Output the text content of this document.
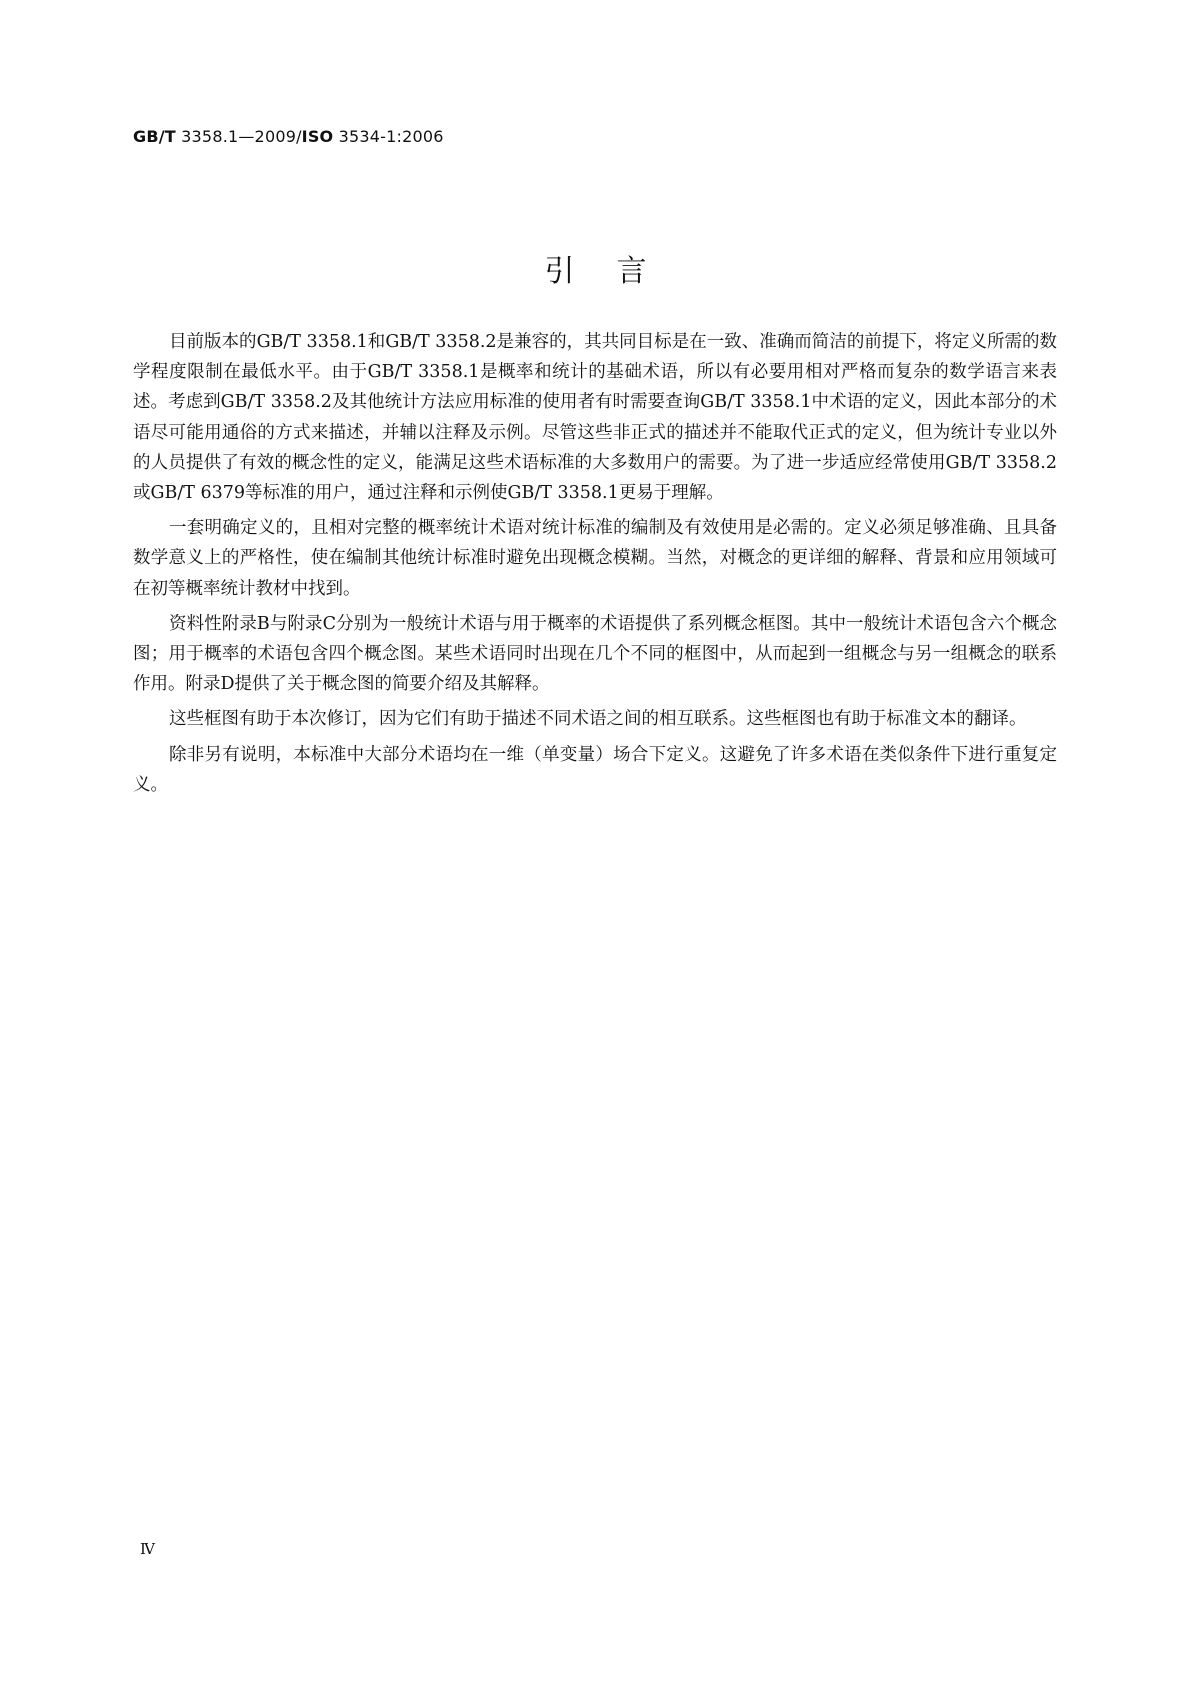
GB/T 3358.1—2009/ISO 3534-1:2006
引言

目前版本的GB/T 3358.1和GB/T 3358.2是兼容的，其共同目标是在一致、准确而简洁的前提下，将定义所需的数学程度限制在最低水平。由于GB/T 3358.1是概率和统计的基础术语，所以有必要用相对严格而复杂的数学语言来表述。考虑到GB/T 3358.2及其他统计方法应用标准的使用者有时需要查询GB/T 3358.1中术语的定义，因此本部分的术语尽可能用通俗的方式来描述，并辅以注释及示例。尽管这些非正式的描述并不能取代正式的定义，但为统计专业以外的人员提供了有效的概念性的定义，能满足这些术语标准的大多数用户的需要。为了进一步适应经常使用GB/T 3358.2或GB/T 6379等标准的用户，通过注释和示例使GB/T 3358.1更易于理解。

一套明确定义的，且相对完整的概率统计术语对统计标准的编制及有效使用是必需的。定义必须足够准确、且具备数学意义上的严格性，使在编制其他统计标准时避免出现概念模糊。当然，对概念的更详细的解释、背景和应用领域可在初等概率统计教材中找到。

资料性附录B与附录C分别为一般统计术语与用于概率的术语提供了系列概念框图。其中一般统计术语包含六个概念图；用于概率的术语包含四个概念图。某些术语同时出现在几个不同的框图中，从而起到一组概念与另一组概念的联系作用。附录D提供了关于概念图的简要介绍及其解释。

这些框图有助于本次修订，因为它们有助于描述不同术语之间的相互联系。这些框图也有助于标准文本的翻译。

除非另有说明，本标准中大部分术语均在一维（单变量）场合下定义。这避免了许多术语在类似条件下进行重复定义。

Ⅳ
